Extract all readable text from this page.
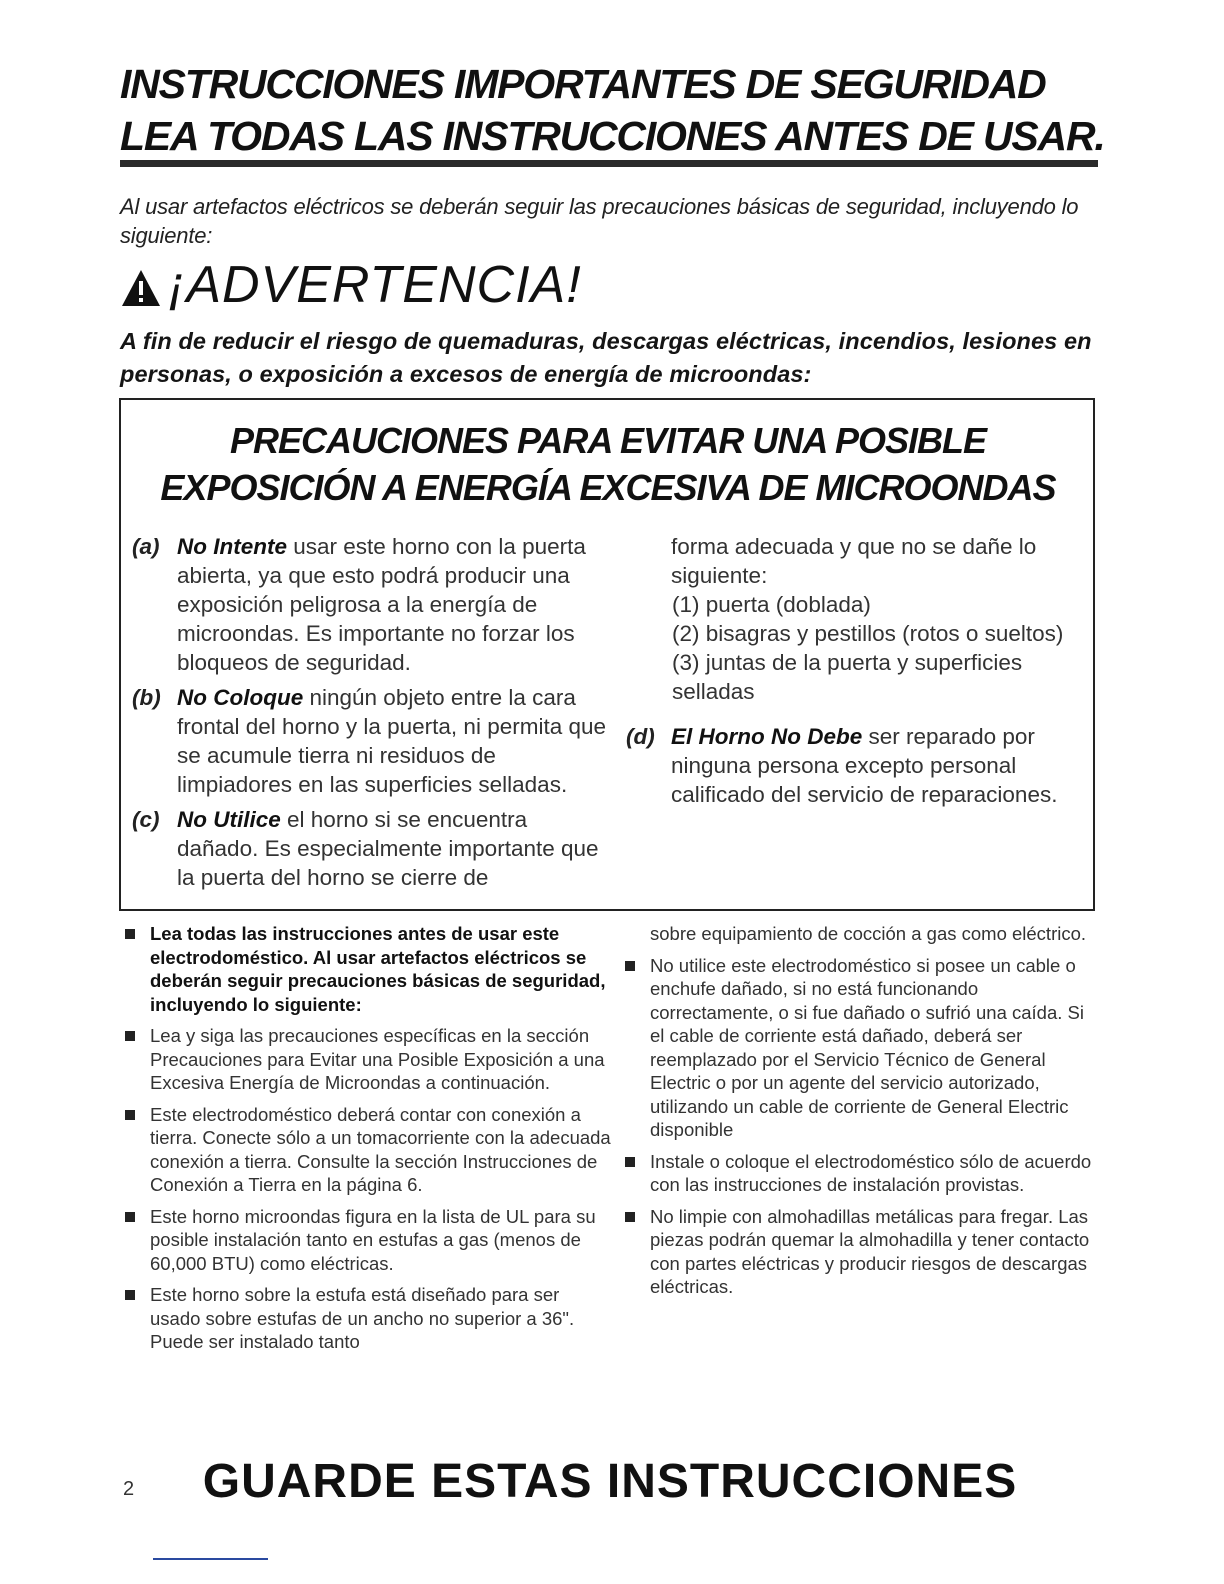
INSTRUCCIONES IMPORTANTES DE SEGURIDAD
LEA TODAS LAS INSTRUCCIONES ANTES DE USAR.
Al usar artefactos eléctricos se deberán seguir las precauciones básicas de seguridad, incluyendo lo siguiente:
¡ADVERTENCIA!
A fin de reducir el riesgo de quemaduras, descargas eléctricas, incendios, lesiones en personas, o exposición a excesos de energía de microondas:
PRECAUCIONES PARA EVITAR UNA POSIBLE
EXPOSICIÓN A ENERGÍA EXCESIVA DE MICROONDAS
(a) No Intente usar este horno con la puerta abierta, ya que esto podrá producir una exposición peligrosa a la energía de microondas. Es importante no forzar los bloqueos de seguridad.
(b) No Coloque ningún objeto entre la cara frontal del horno y la puerta, ni permita que se acumule tierra ni residuos de limpiadores en las superficies selladas.
(c) No Utilice el horno si se encuentra dañado. Es especialmente importante que la puerta del horno se cierre de
forma adecuada y que no se dañe lo siguiente:
(1) puerta (doblada)
(2) bisagras y pestillos (rotos o sueltos)
(3) juntas de la puerta y superficies selladas
(d) El Horno No Debe ser reparado por ninguna persona excepto personal calificado del servicio de reparaciones.
Lea todas las instrucciones antes de usar este electrodoméstico. Al usar artefactos eléctricos se deberán seguir precauciones básicas de seguridad, incluyendo lo siguiente:
Lea y siga las precauciones específicas en la sección Precauciones para Evitar una Posible Exposición a una Excesiva Energía de Microondas a continuación.
Este electrodoméstico deberá contar con conexión a tierra. Conecte sólo a un tomacorriente con la adecuada conexión a tierra. Consulte la sección Instrucciones de Conexión a Tierra en la página 6.
Este horno microondas figura en la lista de UL para su posible instalación tanto en estufas a gas (menos de 60,000 BTU) como eléctricas.
Este horno sobre la estufa está diseñado para ser usado sobre estufas de un ancho no superior a 36". Puede ser instalado tanto
sobre equipamiento de cocción a gas como eléctrico.
No utilice este electrodoméstico si posee un cable o enchufe dañado, si no está funcionando correctamente, o si fue dañado o sufrió una caída. Si el cable de corriente está dañado, deberá ser reemplazado por el Servicio Técnico de General Electric o por un agente del servicio autorizado, utilizando un cable de corriente de General Electric disponible
Instale o coloque el electrodoméstico sólo de acuerdo con las instrucciones de instalación provistas.
No limpie con almohadillas metálicas para fregar. Las piezas podrán quemar la almohadilla y tener contacto con partes eléctricas y producir riesgos de descargas eléctricas.
2	GUARDE ESTAS INSTRUCCIONES
